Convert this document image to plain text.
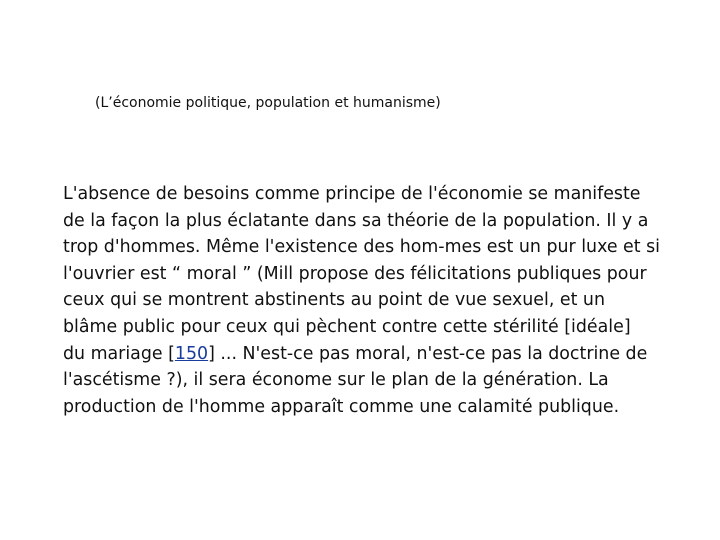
(L’économie politique, population et humanisme)
L'absence de besoins comme principe de l'économie se manifeste
de la façon la plus éclatante dans sa théorie de la population. Il y a
trop d'hommes. Même l'existence des hom-mes est un pur luxe et si
l'ouvrier est “ moral ” (Mill propose des félicitations publiques pour
ceux qui se montrent abstinents au point de vue sexuel, et un
blâme public pour ceux qui pèchent contre cette stérilité [idéale]
du mariage [150] ... N'est-ce pas moral, n'est-ce pas la doctrine de
l'ascétisme ?), il sera économe sur le plan de la génération. La
production de l'homme apparaît comme une calamité publique.
